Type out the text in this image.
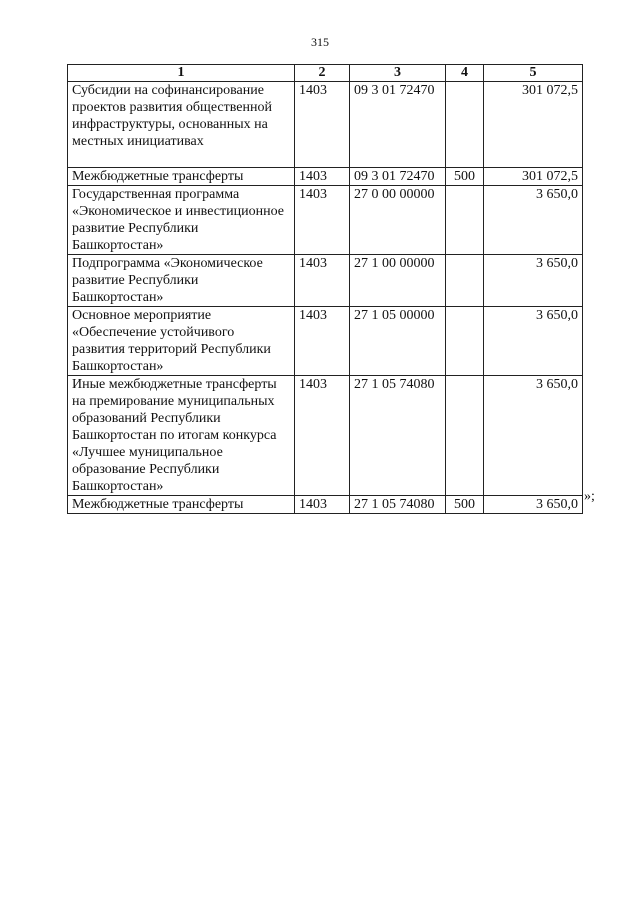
315
1	2	3	4	5
Субсидии на софинансирование проектов развития общественной инфраструктуры, основанных на местных инициативах	1403	09 3 01 72470		301 072,5
Межбюджетные трансферты	1403	09 3 01 72470	500	301 072,5
Государственная программа «Экономическое и инвестиционное развитие Республики Башкортостан»	1403	27 0 00 00000		3 650,0
Подпрограмма «Экономическое развитие Республики Башкортостан»	1403	27 1 00 00000		3 650,0
Основное мероприятие «Обеспечение устойчивого развития территорий Республики Башкортостан»	1403	27 1 05 00000		3 650,0
Иные межбюджетные трансферты на премирование муниципальных образований Республики Башкортостан по итогам конкурса «Лучшее муниципальное образование Республики Башкортостан»	1403	27 1 05 74080		3 650,0
Межбюджетные трансферты	1403	27 1 05 74080	500	3 650,0
»;
